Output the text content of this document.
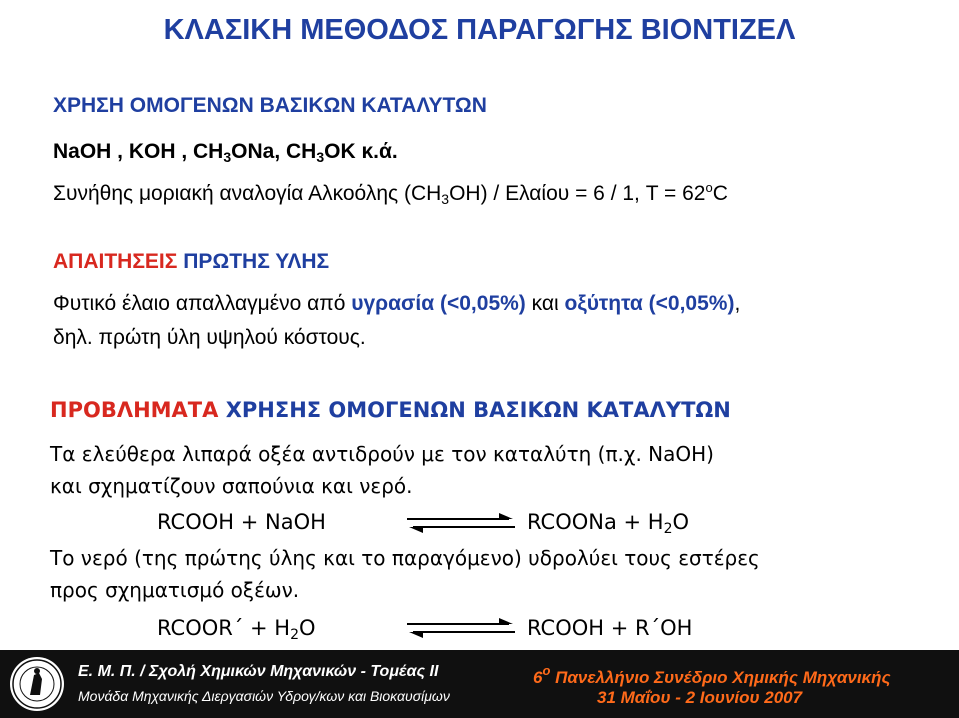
ΚΛΑΣΙΚΗ ΜΕΘΟΔΟΣ ΠΑΡΑΓΩΓΗΣ ΒΙΟΝΤΙΖΕΛ
ΧΡΗΣΗ ΟΜΟΓΕΝΩΝ ΒΑΣΙΚΩΝ ΚΑΤΑΛΥΤΩΝ
NaOH , KOH , $CH_3ONa$, $CH_3OK$ κ.ά.
Συνήθης μοριακή αναλογία Αλκοόλης $(CH_3OH) / E\lambda\alpha ίo\upsilon = 6 / 1$, $T = 62^oC$
ΑΠΑΙΤΗΣΕΙΣ ΠΡΩΤΗΣ ΥΛΗΣ
Φυτικό έλαιο απαλλαγμένο από υγρασία (<0,05%) και οξύτητα (<0,05%),
δηλ. πρώτη ύλη υψηλού κόστους.
ΠΡΟΒΛΗΜΑΤΑ ΧΡΗΣΗΣ ΟΜΟΓΕΝΩΝ ΒΑΣΙΚΩΝ ΚΑΤΑΛΥΤΩΝ
Τα ελεύθερα λιπαρά οξέα αντιδρούν με τον καταλύτη (π.χ. NaOH)
και σχηματίζουν σαπούνια και νερό.
RCOOH + NaOH	RCOONa + $H_2O$
Το νερό (της πρώτης ύλης και το παραγόμενο) υδρολύει τους εστέρες
προς σχηματισμό οξέων.
RCOOR΄ + $H_2O$	RCOOH + R΄OH
Ε. Μ. Π. / Σχολή Χημικών Μηχανικών - Τομέας ΙΙ
Μονάδα Μηχανικής Διεργασιών Υδρογ/κων και Βιοκαυσίμων
$6^o$ Πανελλήνιο Συνέδριο Χημικής Μηχανικής
31 Μαΐου - 2 Ιουνίου 2007
